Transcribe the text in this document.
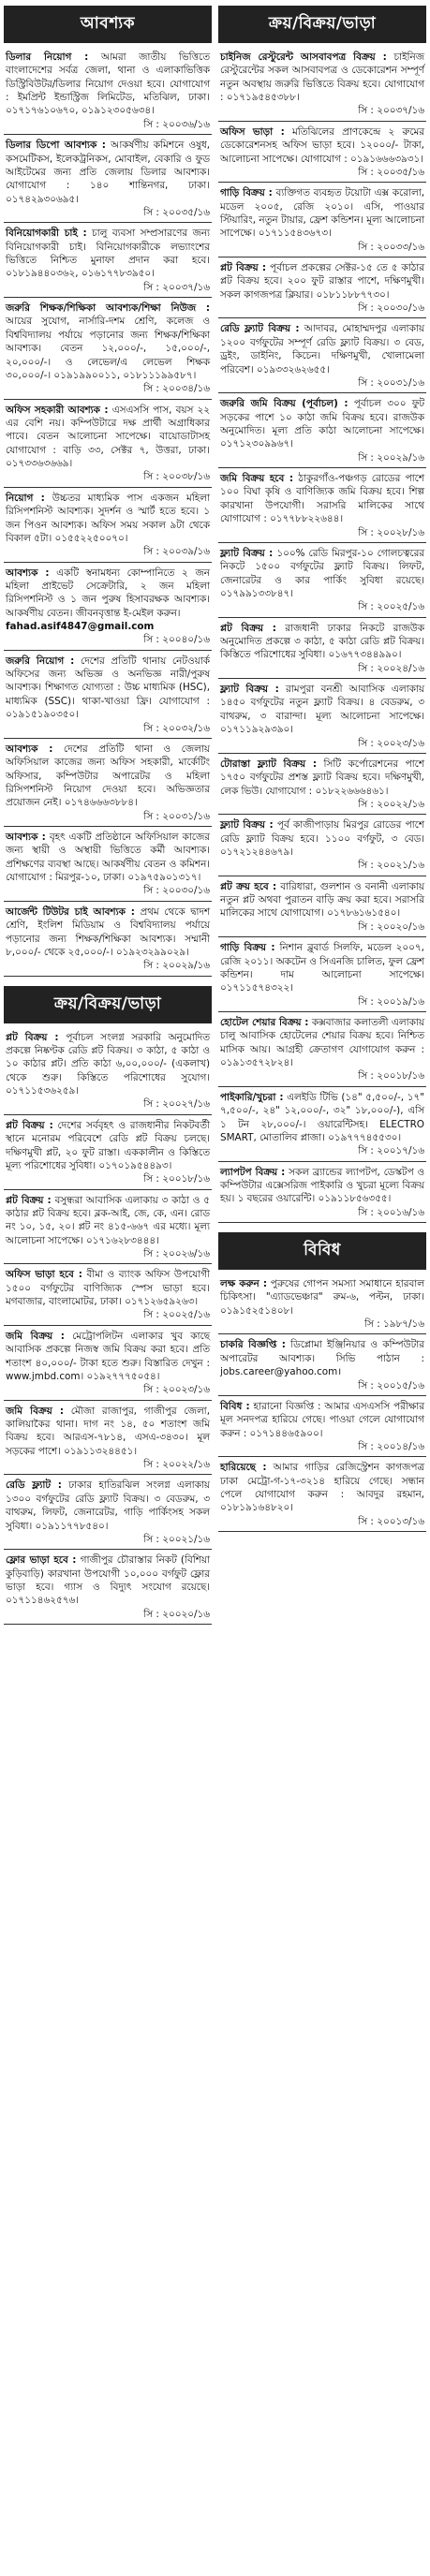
আবশ্যক
ডিলার নিয়োগ : আমরা জাতীয় ভিত্তিতে বাংলাদেশের সর্বত্র জেলা, থানা ও এলাকাভিত্তিক ডিস্ট্রিবিউটর/ডিলার নিয়োগ দেওয়া হবে। যোগাযোগ : ইমপ্রিন্ট ইন্ডাস্ট্রিজ লিমিটেড, মতিঝিল, ঢাকা। ০১৭১৭৬১০৬৭০, ০১৯১২৩০৫৬৩৪।
সি : ২০০৩৬/১৬
ডিলার ডিপো আবশ্যক : আকর্ষণীয় কমিশনে ওষুধ, কসমেটিকস, ইলেকট্রনিকস, মোবাইল, বেকারি ও ফুড আইটেমের জন্য প্রতি জেলায় ডিলার আবশ্যক। যোগাযোগ : ১৪০ শান্তিনগর, ঢাকা। ০১৭৪২৯৩০৬৯৫।
সি : ২০০৩৫/১৬
বিনিয়োগকারী চাই : চালু ব্যবসা সম্প্রসারণের জন্য বিনিয়োগকারী চাই। বিনিয়োগকারীকে লভ্যাংশের ভিত্তিতে নিশ্চিত মুনাফা প্রদান করা হবে। ০১৮১৯৪৪০৩৬২, ০১৬১৭৭৮৩৯৫০।
সি : ২০০৩৭/১৬
জরুরি শিক্ষক/শিক্ষিকা আবশ্যক/শিক্ষা নিউজ : আয়ের সুযোগ, নার্সারি-দশম শ্রেণি, কলেজ ও বিশ্ববিদ্যালয় পর্যায়ে পড়ানোর জন্য শিক্ষক/শিক্ষিকা আবশ্যক। বেতন ১২,০০০/-, ১৫,০০০/-, ২০,০০০/-। ও লেভেল/এ লেভেল শিক্ষক ৩০,০০০/-। ০১৯১৯৯০০১১, ০১৮১১১৯৯৫৮৭।
সি : ২০০৩৪/১৬
অফিস সহকারী আবশ্যক : এসএসসি পাস, বয়স ২২ এর বেশি নয়। কম্পিউটারে দক্ষ প্রার্থী অগ্রাধিকার পাবে। বেতন আলোচনা সাপেক্ষে। বায়োডাটাসহ যোগাযোগ : বাড়ি ৩৩, সেক্টর ৭, উত্তরা, ঢাকা। ০১৭৩৩৬৩৬৬৯।
সি : ২০০৩৮/১৬
নিয়োগ : উচ্চতর মাধ্যমিক পাস একজন মহিলা রিসিপশনিস্ট আবশ্যক। সুদর্শন ও স্মার্ট হতে হবে। ১ জন পিওন আবশ্যক। অফিস সময় সকাল ৯টা থেকে বিকাল ৫টা। ০১৫৫২২৫০০৭০।
সি : ২০০৩৯/১৬
আবশ্যক : একটি স্বনামধন্য কোম্পানিতে ২ জন মহিলা প্রাইভেট সেক্রেটারি, ২ জন মহিলা রিসিপশনিস্ট ও ১ জন পুরুষ হিসাবরক্ষক আবশ্যক। আকর্ষণীয় বেতন। জীবনবৃত্তান্ত ই-মেইল করুন।
fahad.asif4847@gmail.com
সি : ২০০৪০/১৬
জরুরি নিয়োগ : দেশের প্রতিটি থানায় নেটওয়ার্ক অফিসের জন্য অভিজ্ঞ ও অনভিজ্ঞ নারী/পুরুষ আবশ্যক। শিক্ষাগত যোগ্যতা : উচ্চ মাধ্যমিক (HSC), মাধ্যমিক (SSC)। থাকা-খাওয়া ফ্রি। যোগাযোগ : ০১৯১৫১৯০৩৫০।
সি : ২০০৩২/১৬
আবশ্যক : দেশের প্রতিটি থানা ও জেলায় অফিসিয়াল কাজের জন্য অফিস সহকারী, মার্কেটিং অফিসার, কম্পিউটার অপারেটর ও মহিলা রিসিপশনিস্ট নিয়োগ দেওয়া হবে। অভিজ্ঞতার প্রয়োজন নেই। ০১৭৪৬৬৬৩৮৮৪।
সি : ২০০৩১/১৬
আবশ্যক : বৃহৎ একটি প্রতিষ্ঠানে অফিসিয়াল কাজের জন্য স্থায়ী ও অস্থায়ী ভিত্তিতে কর্মী আবশ্যক। প্রশিক্ষণের ব্যবস্থা আছে। আকর্ষণীয় বেতন ও কমিশন। যোগাযোগ : মিরপুর-১০, ঢাকা। ০১৯৭৫৯০১৩১৭।
সি : ২০০৩০/১৬
আর্জেন্ট টিউটর চাই আবশ্যক : প্রথম থেকে দ্বাদশ শ্রেণি, ইংলিশ মিডিয়াম ও বিশ্ববিদ্যালয় পর্যায়ে পড়ানোর জন্য শিক্ষক/শিক্ষিকা আবশ্যক। সম্মানী ৮,০০০/- থেকে ২৫,০০০/-। ০১৯২৩২৯৯০২৯।
সি : ২০০২৯/১৬
ক্রয়/বিক্রয়/ভাড়া
প্লট বিক্রয় : পূর্বাচল সংলগ্ন সরকারি অনুমোদিত প্রকল্পে নিষ্কণ্টক রেডি প্লট বিক্রয়। ৩ কাঠা, ৫ কাঠা ও ১০ কাঠার প্লট। প্রতি কাঠা ৬,০০,০০০/- (একলাখ) থেকে শুরু। কিস্তিতে পরিশোধের সুযোগ। ০১৭১১৫৩৬২৫৯।
সি : ২০০২৭/১৬
প্লট বিক্রয় : দেশের সর্ববৃহৎ ও রাজধানীর নিকটবর্তী স্থানে মনোরম পরিবেশে রেডি প্লট বিক্রয় চলছে। দক্ষিণমুখী প্লট, ২০ ফুট রাস্তা। এককালীন ও কিস্তিতে মূল্য পরিশোধের সুবিধা। ০১৭০১৯৫৪৪৯৩।
সি : ২০০১৮/১৬
প্লট বিক্রয় : বসুন্ধরা আবাসিক এলাকায় ৩ কাঠা ও ৫ কাঠার প্লট বিক্রয় হবে। ব্লক-আই, জে, কে, এন। রোড নং ১০, ১৫, ২০। প্লট নং ৪১৫-৬৬৭ এর মধ্যে। মূল্য আলোচনা সাপেক্ষে। ০১৭১৬২৮৩৪৪৪।
সি : ২০০২৬/১৬
অফিস ভাড়া হবে : বীমা ও ব্যাংক অফিস উপযোগী ১৫০০ বর্গফুটের বাণিজ্যিক স্পেস ভাড়া হবে। মগবাজার, বাংলামোটর, ঢাকা। ০১৭১২৬৫৯২৬৩।
সি : ২০০২৫/১৬
জমি বিক্রয় : মেট্রোপলিটন এলাকার খুব কাছে আবাসিক প্রকল্পে নিজস্ব জমি বিক্রয় করা হবে। প্রতি শতাংশ ৪০,০০০/- টাকা হতে শুরু। বিস্তারিত দেখুন : www.jmbd.com। ০১৯২৭৭৭৫০৫৪।
সি : ২০০২৩/১৬
জমি বিক্রয় : মৌজা রাজাপুর, গাজীপুর জেলা, কালিয়াকৈর থানা। দাগ নং ১৪, ৫০ শতাংশ জমি বিক্রয় হবে। আরএস-৭৮১৪, এসএ-৩৪৩০। মূল সড়কের পাশে। ০১৯১১৩২৪৪৫১।
সি : ২০০২২/১৬
রেডি ফ্ল্যাট : ঢাকার হাতিরঝিল সংলগ্ন এলাকায় ১৩০০ বর্গফুটের রেডি ফ্ল্যাট বিক্রয়। ৩ বেডরুম, ৩ বাথরুম, লিফট, জেনারেটর, গাড়ি পার্কিংসহ সকল সুবিধা। ০১৯১১৭৭৮৫৪০।
সি : ২০০২১/১৬
ফ্লোর ভাড়া হবে : গাজীপুর চৌরাস্তার নিকট (বিশিয়া কুড়িবাড়ি) কারখানা উপযোগী ১০,০০০ বর্গফুট ফ্লোর ভাড়া হবে। গ্যাস ও বিদ্যুৎ সংযোগ রয়েছে। ০১৭১১৪৬২৫৭৬।
সি : ২০০২০/১৬
ক্রয়/বিক্রয়/ভাড়া
চাইনিজ রেস্টুরেন্ট আসবাবপত্র বিক্রয় : চাইনিজ রেস্টুরেন্টের সকল আসবাবপত্র ও ডেকোরেশন সম্পূর্ণ নতুন অবস্থায় জরুরি ভিত্তিতে বিক্রয় হবে। যোগাযোগ : ০১৭১৯৫৪৫৩৮৮।
সি : ২০০৩৭/১৬
অফিস ভাড়া : মতিঝিলের প্রাণকেন্দ্রে ২ রুমের ডেকোরেশনসহ অফিস ভাড়া হবে। ১২০০০/- টাকা, আলোচনা সাপেক্ষে। যোগাযোগ : ০১৯১৬৬৬৩৯৩১।
সি : ২০০৩৫/১৬
গাড়ি বিক্রয় : ব্যক্তিগত ব্যবহৃত টয়োটা এক্স করোলা, মডেল ২০০৫, রেজি ২০১০। এসি, পাওয়ার স্টিয়ারিং, নতুন টায়ার, ফ্রেশ কন্ডিশন। মূল্য আলোচনা সাপেক্ষে। ০১৭১১৫৪৩৬৭৩।
সি : ২০০৩৩/১৬
প্লট বিক্রয় : পূর্বাচল প্রকল্পের সেক্টর-১৫ তে ৫ কাঠার প্লট বিক্রয় হবে। ২০০ ফুট রাস্তার পাশে, দক্ষিণমুখী। সকল কাগজপত্র ক্লিয়ার। ০১৮১১৮৮৭৭৩০।
সি : ২০০৩০/১৬
রেডি ফ্ল্যাট বিক্রয় : আদাবর, মোহাম্মদপুর এলাকায় ১২০০ বর্গফুটের সম্পূর্ণ রেডি ফ্ল্যাট বিক্রয়। ৩ বেড, ড্রইং, ডাইনিং, কিচেন। দক্ষিণমুখী, খোলামেলা পরিবেশ। ০১৯৩৩২৬২৬৫৫।
সি : ২০০৩১/১৬
জরুরি জমি বিক্রয় (পূর্বাচল) : পূর্বাচল ৩০০ ফুট সড়কের পাশে ১০ কাঠা জমি বিক্রয় হবে। রাজউক অনুমোদিত। মূল্য প্রতি কাঠা আলোচনা সাপেক্ষে। ০১৭১২৩০৯৯৬৭।
সি : ২০০২৯/১৬
জমি বিক্রয় হবে : ঠাকুরগাঁও-পঞ্চগড় রোডের পাশে ১০০ বিঘা কৃষি ও বাণিজ্যিক জমি বিক্রয় হবে। শিল্প কারখানা উপযোগী। সরাসরি মালিকের সাথে যোগাযোগ : ০১৭৭৮৮২২৬৪৪।
সি : ২০০২৮/১৬
ফ্ল্যাট বিক্রয় : ১০০% রেডি মিরপুর-১০ গোলচত্বরের নিকটে ১৫০০ বর্গফুটের ফ্ল্যাট বিক্রয়। লিফট, জেনারেটর ও কার পার্কিং সুবিধা রয়েছে। ০১৭৯৯১৩৩৮৪৭।
সি : ২০০২৫/১৬
প্লট বিক্রয় : রাজধানী ঢাকার নিকটে রাজউক অনুমোদিত প্রকল্পে ৩ কাঠা, ৫ কাঠা রেডি প্লট বিক্রয়। কিস্তিতে পরিশোধের সুবিধা। ০১৬৭৭৩৪৪৯৯০।
সি : ২০০২৪/১৬
ফ্ল্যাট বিক্রয় : রামপুরা বনশ্রী আবাসিক এলাকায় ১৪৫০ বর্গফুটের নতুন ফ্ল্যাট বিক্রয়। ৪ বেডরুম, ৩ বাথরুম, ৩ বারান্দা। মূল্য আলোচনা সাপেক্ষে। ০১৭১১৯২৯৩৯০।
সি : ২০০২৩/১৬
টোরাস্তা ফ্ল্যাট বিক্রয় : সিটি কর্পোরেশনের পাশে ১৭৫০ বর্গফুটের প্রশস্ত ফ্ল্যাট বিক্রয় হবে। দক্ষিণমুখী, লেক ভিউ। যোগাযোগ : ০১৮২২৬৬৬৪৬১।
সি : ২০০২২/১৬
ফ্ল্যাট বিক্রয় : পূর্ব কাজীপাড়ায় মিরপুর রোডের পাশে রেডি ফ্ল্যাট বিক্রয় হবে। ১১০০ বর্গফুট, ৩ বেড। ০১৭২১২৪৪৬৭৯।
সি : ২০০২১/১৬
প্লট ক্রয় হবে : বারিধারা, গুলশান ও বনানী এলাকায় নতুন প্লট অথবা পুরাতন বাড়ি ক্রয় করা হবে। সরাসরি মালিকের সাথে যোগাযোগ। ০১৭৮৬১৬১৫৪০।
সি : ২০০২০/১৬
গাড়ি বিক্রয় : নিশান ব্লুবার্ড সিলফি, মডেল ২০০৭, রেজি ২০১১। অকটেন ও সিএনজি চালিত, ফুল ফ্রেশ কন্ডিশন। দাম আলোচনা সাপেক্ষে। ০১৭১১৫৭৪৩২২।
সি : ২০০১৯/১৬
হোটেল শেয়ার বিক্রয় : কক্সবাজার কলাতলী এলাকায় চালু আবাসিক হোটেলের শেয়ার বিক্রয় হবে। নিশ্চিত মাসিক আয়। আগ্রহী ক্রেতাগণ যোগাযোগ করুন : ০১৯১৩৫৭২৮২৪।
সি : ২০০১৮/১৬
পাইকারি/খুচরা : এলইডি টিভি (১৪" ৫,৫০০/-, ১৭" ৭,৫০০/-, ২৪" ১২,০০০/-, ৩২" ১৮,০০০/-), এসি ১ টন ২৮,০০০/-। ওয়ারেন্টিসহ। ELECTRO SMART, মোতালিব প্লাজা। ০১৯৭৭৭৪৫৫৩০।
সি : ২০০১৭/১৬
ল্যাপটপ বিক্রয় : সকল ব্র্যান্ডের ল্যাপটপ, ডেস্কটপ ও কম্পিউটার এক্সেসরিজ পাইকারি ও খুচরা মূল্যে বিক্রয় হয়। ১ বছরের ওয়ারেন্টি। ০১৯১১৮৫৬৩৫৫।
সি : ২০০১৬/১৬
বিবিধ
লক্ষ করুন : পুরুষের গোপন সমস্যা সমাধানে হারবাল চিকিৎসা। "এ্যাডভেঞ্চার" রুম-৬, পল্টন, ঢাকা। ০১৯১৫২৫১৪০৮।
সি : ১৯৮৭/১৬
চাকরি বিজ্ঞপ্তি : ডিপ্লোমা ইঞ্জিনিয়ার ও কম্পিউটার অপারেটর আবশ্যক। সিভি পাঠান : jobs.career@yahoo.com।
সি : ২০০১৫/১৬
বিবিধ : হারানো বিজ্ঞপ্তি : আমার এসএসসি পরীক্ষার মূল সনদপত্র হারিয়ে গেছে। পাওয়া গেলে যোগাযোগ করুন : ০১৭১৪৪৬৫৯০০।
সি : ২০০১৪/১৬
হারিয়েছে : আমার গাড়ির রেজিস্ট্রেশন কাগজপত্র ঢাকা মেট্রো-গ-১৭-৩২১৪ হারিয়ে গেছে। সন্ধান পেলে যোগাযোগ করুন : আবদুর রহমান, ০১৮১৯১৬৪৮২০।
সি : ২০০১৩/১৬
